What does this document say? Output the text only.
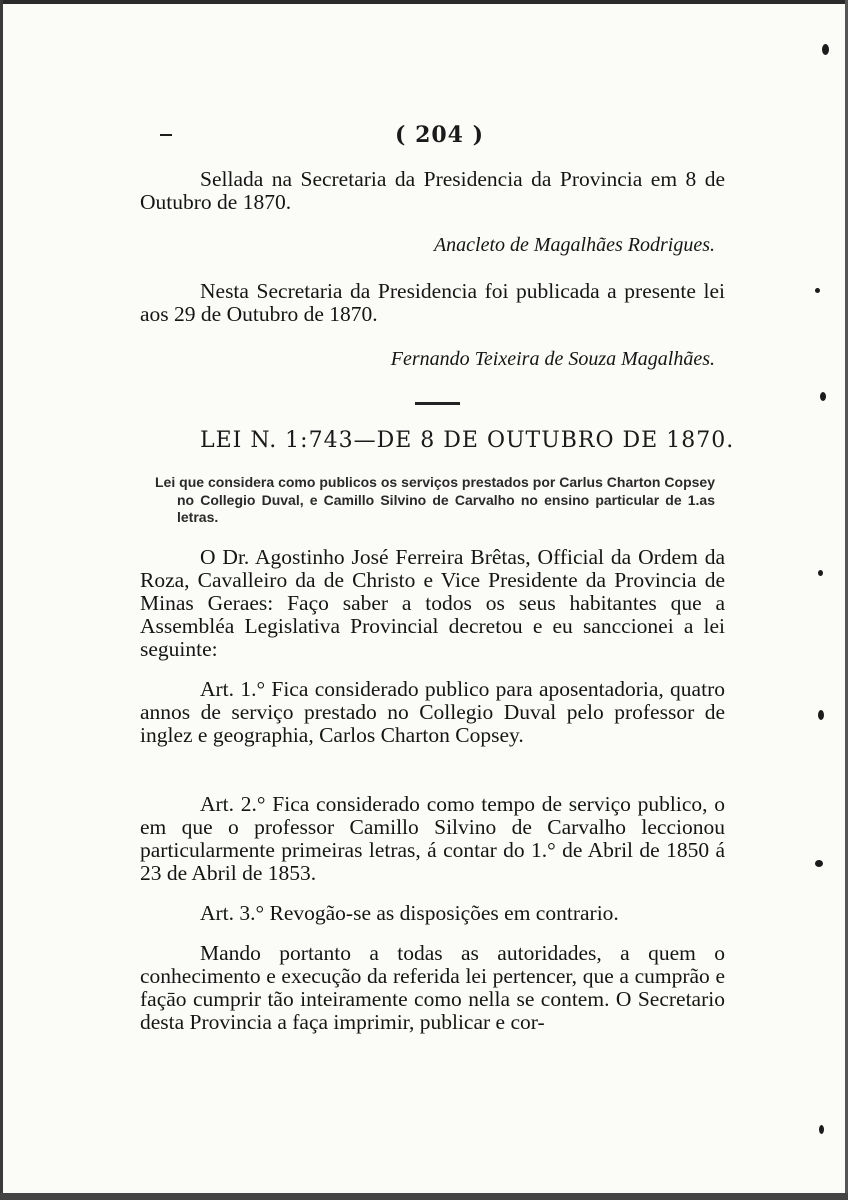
( 204 )

Sellada na Secretaria da Presidencia da Provincia em 8 de Outubro de 1870.

Anacleto de Magalhães Rodrigues.

Nesta Secretaria da Presidencia foi publicada a presente lei aos 29 de Outubro de 1870.

Fernando Teixeira de Souza Magalhães.

LEI N. 1:743—DE 8 DE OUTUBRO DE 1870.

Lei que considera como publicos os serviços prestados por Carlus Charton Copsey no Collegio Duval, e Camillo Silvino de Carvalho no ensino particular de 1.as letras.

O Dr. Agostinho José Ferreira Brêtas, Official da Ordem da Roza, Cavalleiro da de Christo e Vice Presidente da Provincia de Minas Geraes: Faço saber a todos os seus habitantes que a Assembléa Legislativa Provincial decretou e eu sanccionei a lei seguinte:

Art. 1.° Fica considerado publico para aposentadoria, quatro annos de serviço prestado no Collegio Duval pelo professor de inglez e geographia, Carlos Charton Copsey.

Art. 2.° Fica considerado como tempo de serviço publico, o em que o professor Camillo Silvino de Carvalho leccionou particularmente primeiras letras, á contar do 1.° de Abril de 1850 á 23 de Abril de 1853.

Art. 3.° Revogão-se as disposições em contrario.

Mando portanto a todas as autoridades, a quem o conhecimento e execução da referida lei pertencer, que a cumprão e façāo cumprir tão inteiramente como nella se contem. O Secretario desta Provincia a faça imprimir, publicar e cor-
